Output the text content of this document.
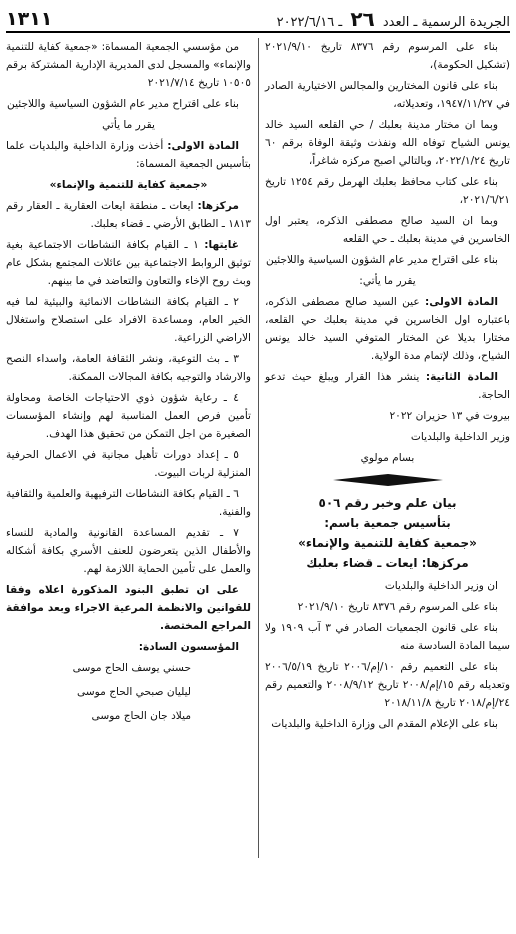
الجريدة الرسمية ـ العدد ٢٦ ـ ٢٠٢٢/٦/١٦
١٣١١

بناء على المرسوم رقم ٨٣٧٦ تاريخ ٢٠٢١/٩/١٠ (تشكيل الحكومة)،

بناء على قانون المختارين والمجالس الاختيارية الصادر في ١٩٤٧/١١/٢٧، وتعديلاته،

وبما ان مختار مدينة بعلبك / حي القلعه السيد خالد يونس الشياح توفاه الله ونفذت وثيقة الوفاة برقم ٦٠ تاريخ ٢٠٢٢/١/٢٤، وبالتالي اصبح مركزه شاغراً،

بناء على كتاب محافظ بعلبك الهرمل رقم ١٢٥٤ تاريخ ٢٠٢١/٦/٢١،

وبما ان السيد صالح مصطفى الذكره، يعتبر اول الخاسرين في مدينة بعلبك ـ حي القلعه

بناء على اقتراح مدير عام الشؤون السياسية واللاجئين

يقرر ما يأتي:

المادة الاولى: عين السيد صالح مصطفى الذكره، باعتباره اول الخاسرين في مدينة بعلبك حي القلعه، مختارا بديلا عن المختار المتوفي السيد خالد يونس الشياح، وذلك لإتمام مدة الولاية.

المادة الثانية: ينشر هذا القرار ويبلغ حيث تدعو الحاجة.

بيروت في ١٣ حزيران ٢٠٢٢

وزير الداخلية والبلديات

بسام مولوي

بيان علم وخبر رقم ٥٠٦
بتأسيس جمعية باسم:
«جمعية كفاية للتنمية والإنماء»
مركزها: ايعات ـ قضاء بعلبك

ان وزير الداخلية والبلديات

بناء على المرسوم رقم ٨٣٧٦ تاريخ ٢٠٢١/٩/١٠

بناء على قانون الجمعيات الصادر في ٣ آب ١٩٠٩ ولا سيما المادة السادسة منه

بناء على التعميم رقم ١٠/إم/٢٠٠٦ تاريخ ٢٠٠٦/٥/١٩ وتعديله رقم ١٥/إم/٢٠٠٨ تاريخ ٢٠٠٨/٩/١٢ والتعميم رقم ٢٤/إم/٢٠١٨ تاريخ ٢٠١٨/١١/٨

بناء على الإعلام المقدم الى وزارة الداخلية والبلديات

من مؤسسي الجمعية المسماة: «جمعية كفاية للتنمية والإنماء» والمسجل لدى المديرية الإدارية المشتركة برقم ١٠٥٠٥ تاريخ ٢٠٢١/٧/١٤

بناء على اقتراح مدير عام الشؤون السياسية واللاجئين

يقرر ما يأتي

المادة الاولى: أخذت وزارة الداخلية والبلديات علما بتأسيس الجمعية المسماة:

«جمعية كفاية للتنمية والإنماء»

مركزها: ايعات ـ منطقة ايعات العقارية ـ العقار رقم ١٨١٣ ـ الطابق الأرضي ـ قضاء بعلبك.

غايتها: ١ ـ القيام بكافة النشاطات الاجتماعية بغية توثيق الروابط الاجتماعية بين عائلات المجتمع بشكل عام وبث روح الإخاء والتعاون والتعاضد في ما بينهم.

٢ ـ القيام بكافة النشاطات الانمائية والبيئية لما فيه الخير العام، ومساعدة الافراد على استصلاح واستغلال الاراضي الزراعية.

٣ ـ بث التوعية، ونشر الثقافة العامة، واسداء النصح والارشاد والتوجيه بكافة المجالات الممكنة.

٤ ـ رعاية شؤون ذوي الاحتياجات الخاصة ومحاولة تأمين فرص العمل المناسبة لهم وإنشاء المؤسسات الصغيرة من اجل التمكن من تحقيق هذا الهدف.

٥ ـ إعداد دورات تأهيل مجانية في الاعمال الحرفية المنزلية لربات البيوت.

٦ ـ القيام بكافة النشاطات الترفيهية والعلمية والثقافية والفنية.

٧ ـ تقديم المساعدة القانونية والمادية للنساء والأطفال الذين يتعرضون للعنف الأسري بكافة أشكاله والعمل على تأمين الحماية اللازمة لهم.

على ان تطبق البنود المذكورة اعلاه وفقا للقوانين والانظمة المرعية الاجراء وبعد موافقة المراجع المختصة.

المؤسسون السادة:

حسني يوسف الحاج موسى

ليليان صبحي الحاج موسى

ميلاد جان الحاج موسى
